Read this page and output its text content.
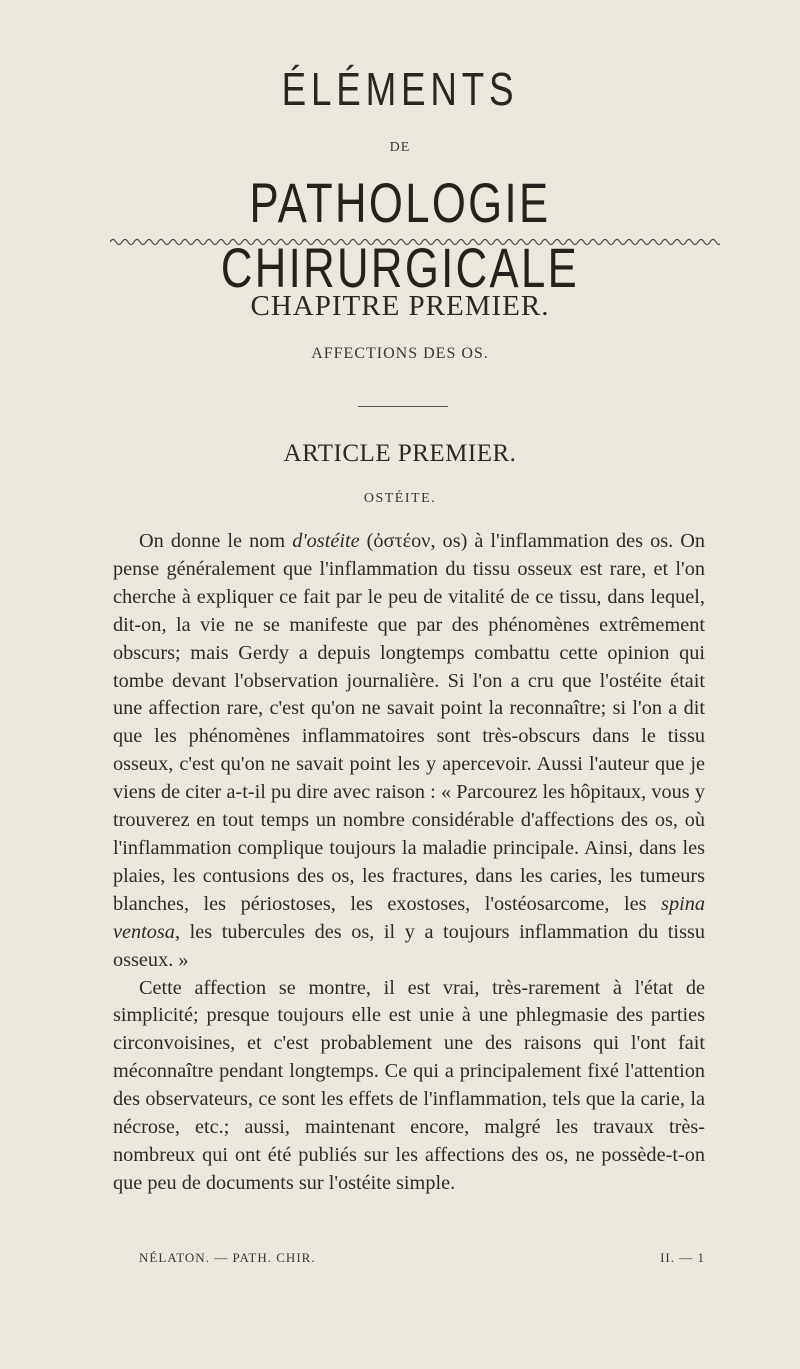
ÉLÉMENTS
DE
PATHOLOGIE CHIRURGICALE
CHAPITRE PREMIER.
AFFECTIONS DES OS.
ARTICLE PREMIER.
OSTÉITE.

On donne le nom d'ostéite (ὀστέον, os) à l'inflammation des os. On pense généralement que l'inflammation du tissu osseux est rare, et l'on cherche à expliquer ce fait par le peu de vitalité de ce tissu, dans lequel, dit-on, la vie ne se manifeste que par des phénomènes extrêmement obscurs; mais Gerdy a depuis longtemps combattu cette opinion qui tombe devant l'observation journalière. Si l'on a cru que l'ostéite était une affection rare, c'est qu'on ne savait point la reconnaître; si l'on a dit que les phénomènes inflammatoires sont très-obscurs dans le tissu osseux, c'est qu'on ne savait point les y apercevoir. Aussi l'auteur que je viens de citer a-t-il pu dire avec raison : « Parcourez les hôpitaux, vous y trouverez en tout temps un nombre considérable d'affections des os, où l'inflammation complique toujours la maladie principale. Ainsi, dans les plaies, les contusions des os, les fractures, dans les caries, les tumeurs blanches, les périostoses, les exostoses, l'ostéosarcome, les spina ventosa, les tubercules des os, il y a toujours inflammation du tissu osseux. »

Cette affection se montre, il est vrai, très-rarement à l'état de simplicité; presque toujours elle est unie à une phlegmasie des parties circonvoisines, et c'est probablement une des raisons qui l'ont fait méconnaître pendant longtemps. Ce qui a principalement fixé l'attention des observateurs, ce sont les effets de l'inflammation, tels que la carie, la nécrose, etc.; aussi, maintenant encore, malgré les travaux très-nombreux qui ont été publiés sur les affections des os, ne possède-t-on que peu de documents sur l'ostéite simple.

NÉLATON. — PATH. CHIR.	II. — 1
